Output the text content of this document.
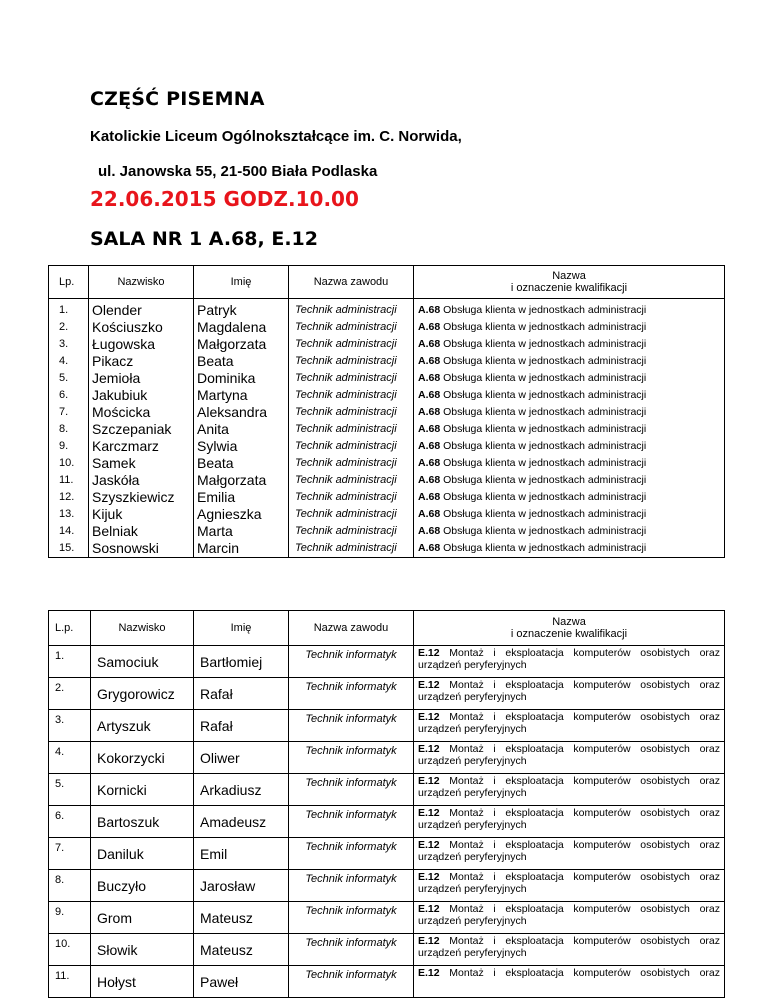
CZĘŚĆ PISEMNA
Katolickie Liceum Ogólnokształcące im. C. Norwida,
ul. Janowska 55, 21-500 Biała Podlaska
22.06.2015 GODZ.10.00
SALA NR 1 A.68, E.12
Lp.	Nazwisko	Imię	Nazwa zawodu	Nazwa
i oznaczenie kwalifikacji
1.	Olender	Patryk	Technik administracji	A.68 Obsługa klienta w jednostkach administracji
2.	Kościuszko	Magdalena	Technik administracji	A.68 Obsługa klienta w jednostkach administracji
3.	Ługowska	Małgorzata	Technik administracji	A.68 Obsługa klienta w jednostkach administracji
4.	Pikacz	Beata	Technik administracji	A.68 Obsługa klienta w jednostkach administracji
5.	Jemioła	Dominika	Technik administracji	A.68 Obsługa klienta w jednostkach administracji
6.	Jakubiuk	Martyna	Technik administracji	A.68 Obsługa klienta w jednostkach administracji
7.	Mościcka	Aleksandra	Technik administracji	A.68 Obsługa klienta w jednostkach administracji
8.	Szczepaniak	Anita	Technik administracji	A.68 Obsługa klienta w jednostkach administracji
9.	Karczmarz	Sylwia	Technik administracji	A.68 Obsługa klienta w jednostkach administracji
10.	Samek	Beata	Technik administracji	A.68 Obsługa klienta w jednostkach administracji
11.	Jaskóła	Małgorzata	Technik administracji	A.68 Obsługa klienta w jednostkach administracji
12.	Szyszkiewicz	Emilia	Technik administracji	A.68 Obsługa klienta w jednostkach administracji
13.	Kijuk	Agnieszka	Technik administracji	A.68 Obsługa klienta w jednostkach administracji
14.	Belniak	Marta	Technik administracji	A.68 Obsługa klienta w jednostkach administracji
15.	Sosnowski	Marcin	Technik administracji	A.68 Obsługa klienta w jednostkach administracji
L.p.	Nazwisko	Imię	Nazwa zawodu	Nazwa
i oznaczenie kwalifikacji
1.	Samociuk	Bartłomiej	Technik informatyk	E.12 Montaż i eksploatacja komputerów osobistych oraz
urządzeń peryferyjnych
2.	Grygorowicz	Rafał	Technik informatyk	E.12 Montaż i eksploatacja komputerów osobistych oraz
urządzeń peryferyjnych
3.	Artyszuk	Rafał	Technik informatyk	E.12 Montaż i eksploatacja komputerów osobistych oraz
urządzeń peryferyjnych
4.	Kokorzycki	Oliwer	Technik informatyk	E.12 Montaż i eksploatacja komputerów osobistych oraz
urządzeń peryferyjnych
5.	Kornicki	Arkadiusz	Technik informatyk	E.12 Montaż i eksploatacja komputerów osobistych oraz
urządzeń peryferyjnych
6.	Bartoszuk	Amadeusz	Technik informatyk	E.12 Montaż i eksploatacja komputerów osobistych oraz
urządzeń peryferyjnych
7.	Daniluk	Emil	Technik informatyk	E.12 Montaż i eksploatacja komputerów osobistych oraz
urządzeń peryferyjnych
8.	Buczyło	Jarosław	Technik informatyk	E.12 Montaż i eksploatacja komputerów osobistych oraz
urządzeń peryferyjnych
9.	Grom	Mateusz	Technik informatyk	E.12 Montaż i eksploatacja komputerów osobistych oraz
urządzeń peryferyjnych
10.	Słowik	Mateusz	Technik informatyk	E.12 Montaż i eksploatacja komputerów osobistych oraz
urządzeń peryferyjnych
11.	Hołyst	Paweł	Technik informatyk	E.12 Montaż i eksploatacja komputerów osobistych oraz
